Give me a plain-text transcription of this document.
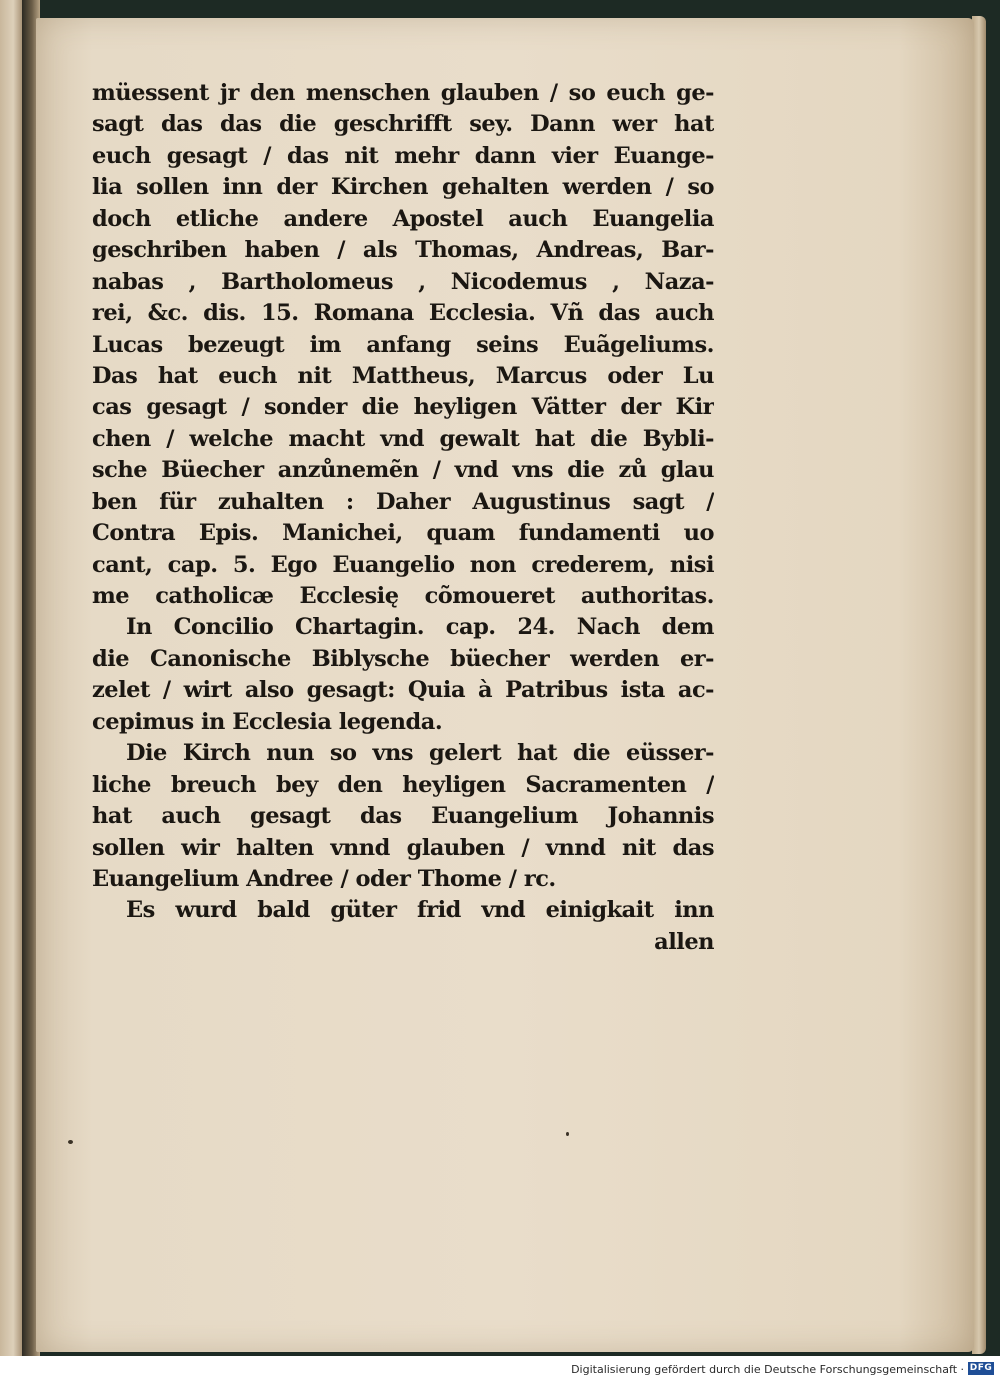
müessent jr den menschen glauben / so euch ge-
sagt das das die geschrifft sey. Dann wer hat
euch gesagt / das nit mehr dann vier Euange-
lia sollen inn der Kirchen gehalten werden / so
doch etliche andere Apostel auch Euangelia
geschriben haben / als Thomas, Andreas, Bar-
nabas , Bartholomeus , Nicodemus , Naza-
rei, &c. dis. 15. Romana Ecclesia. Vñ das auch
Lucas bezeugt im anfang seins Euãgeliums.
Das hat euch nit Mattheus, Marcus oder Lu
cas gesagt / sonder die heyligen Vätter der Kir
chen / welche macht vnd gewalt hat die Bybli-
sche Büecher anzůnemẽn / vnd vns die zů glau
ben für zuhalten : Daher Augustinus sagt /
Contra Epis. Manichei, quam fundamenti uo
cant, cap. 5. Ego Euangelio non crederem, nisi
me catholicæ Ecclesię cõmoueret authoritas.
In Concilio Chartagin. cap. 24. Nach dem
die Canonische Biblysche büecher werden er-
zelet / wirt also gesagt: Quia à Patribus ista ac-
cepimus in Ecclesia legenda.
Die Kirch nun so vns gelert hat die eüsser-
liche breuch bey den heyligen Sacramenten /
hat auch gesagt das Euangelium Johannis
sollen wir halten vnnd glauben / vnnd nit das
Euangelium Andree / oder Thome / rc.
Es wurd bald güter frid vnd einigkait inn
allen
Digitalisierung gefördert durch die Deutsche Forschungsgemeinschaft · DFG
